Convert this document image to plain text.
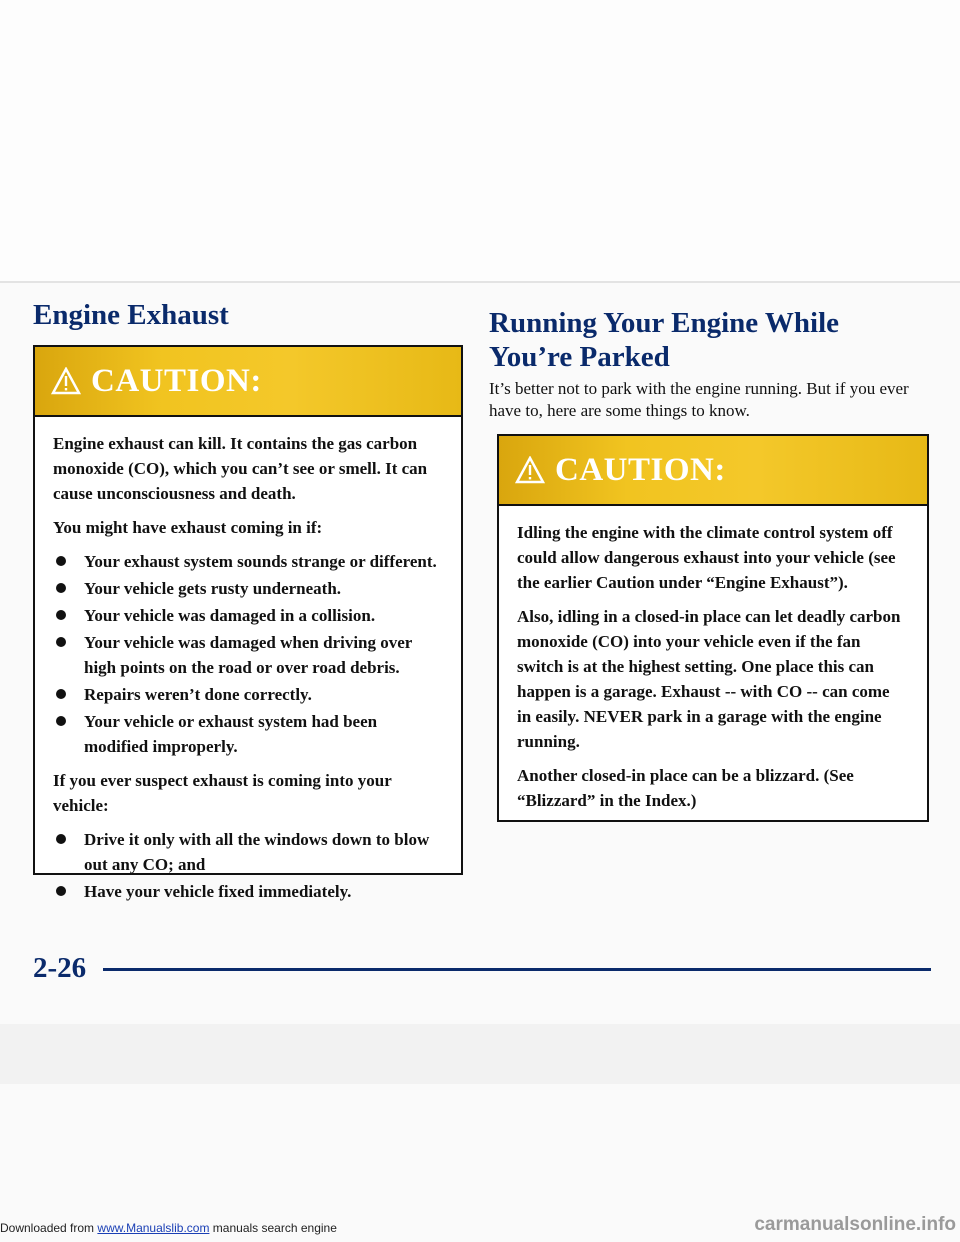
Engine Exhaust
CAUTION:

Engine exhaust can kill. It contains the gas carbon monoxide (CO), which you can’t see or smell. It can cause unconsciousness and death.

You might have exhaust coming in if:

Your exhaust system sounds strange or different.
Your vehicle gets rusty underneath.
Your vehicle was damaged in a collision.
Your vehicle was damaged when driving over high points on the road or over road debris.
Repairs weren’t done correctly.
Your vehicle or exhaust system had been modified improperly.

If you ever suspect exhaust is coming into your vehicle:

Drive it only with all the windows down to blow out any CO; and
Have your vehicle fixed immediately.
Running Your Engine While
You’re Parked

It’s better not to park with the engine running. But if you ever have to, here are some things to know.

CAUTION:

Idling the engine with the climate control system off could allow dangerous exhaust into your vehicle (see the earlier Caution under “Engine Exhaust”).

Also, idling in a closed-in place can let deadly carbon monoxide (CO) into your vehicle even if the fan switch is at the highest setting. One place this can happen is a garage. Exhaust -- with CO -- can come in easily. NEVER park in a garage with the engine running.

Another closed-in place can be a blizzard. (See “Blizzard” in the Index.)

2-26
Downloaded from www.Manualslib.com manuals search engine	carmanualsonline.info
